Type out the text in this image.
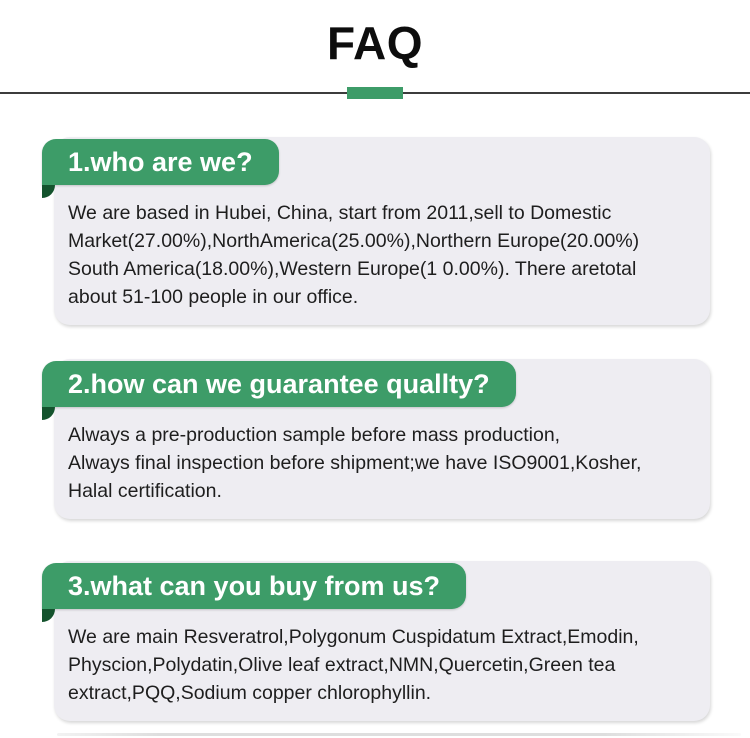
FAQ

We are based in Hubei, China, start from 2011,sell to Domestic

Market(27.00%),NorthAmerica(25.00%),Northern Europe(20.00%)

South America(18.00%),Western Europe(1 0.00%). There aretotal

about 51-100 people in our office.

1.who are we?

Always a pre-production sample before mass production,

Always final inspection before shipment;we have ISO9001,Kosher,

Halal certification.

2.how can we guarantee quallty?

We are main Resveratrol,Polygonum Cuspidatum Extract,Emodin,

Physcion,Polydatin,Olive leaf extract,NMN,Quercetin,Green tea

extract,PQQ,Sodium copper chlorophyllin.

3.what can you buy from us?
